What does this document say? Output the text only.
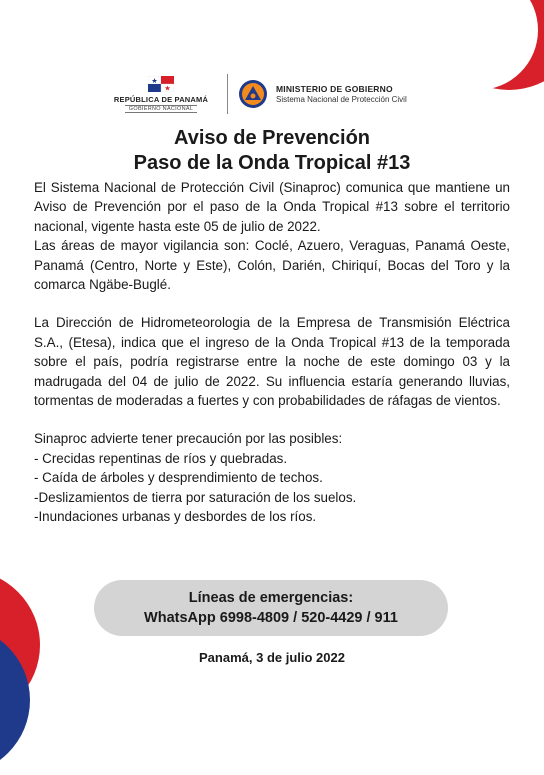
REPÚBLICA DE PANAMÁ
GOBIERNO NACIONAL
MINISTERIO DE GOBIERNO
Sistema Nacional de Protección Civil
Aviso de Prevención
Paso de la Onda Tropical #13

El Sistema Nacional de Protección Civil (Sinaproc) comunica que mantiene un Aviso de Prevención por el paso de la Onda Tropical #13 sobre el territorio nacional, vigente hasta este 05 de julio de 2022.

Las áreas de mayor vigilancia son: Coclé, Azuero, Veraguas, Panamá Oeste, Panamá (Centro, Norte y Este), Colón, Darién, Chiriquí, Bocas del Toro y la comarca Ngäbe-Buglé.

La Dirección de Hidrometeorologia de la Empresa de Transmisión Eléctrica S.A., (Etesa), indica que el ingreso de la Onda Tropical #13 de la temporada sobre el país, podría registrarse entre la noche de este domingo 03 y la madrugada del 04 de julio de 2022. Su influencia estaría generando lluvias, tormentas de moderadas a fuertes y con probabilidades de ráfagas de vientos.

Sinaproc advierte tener precaución por las posibles:

- Crecidas repentinas de ríos y quebradas.

- Caída de árboles y desprendimiento de techos.

-Deslizamientos de tierra por saturación de los suelos.

-Inundaciones urbanas y desbordes de los ríos.

Líneas de emergencias:
WhatsApp 6998-4809 / 520-4429 / 911
Panamá, 3 de julio 2022
